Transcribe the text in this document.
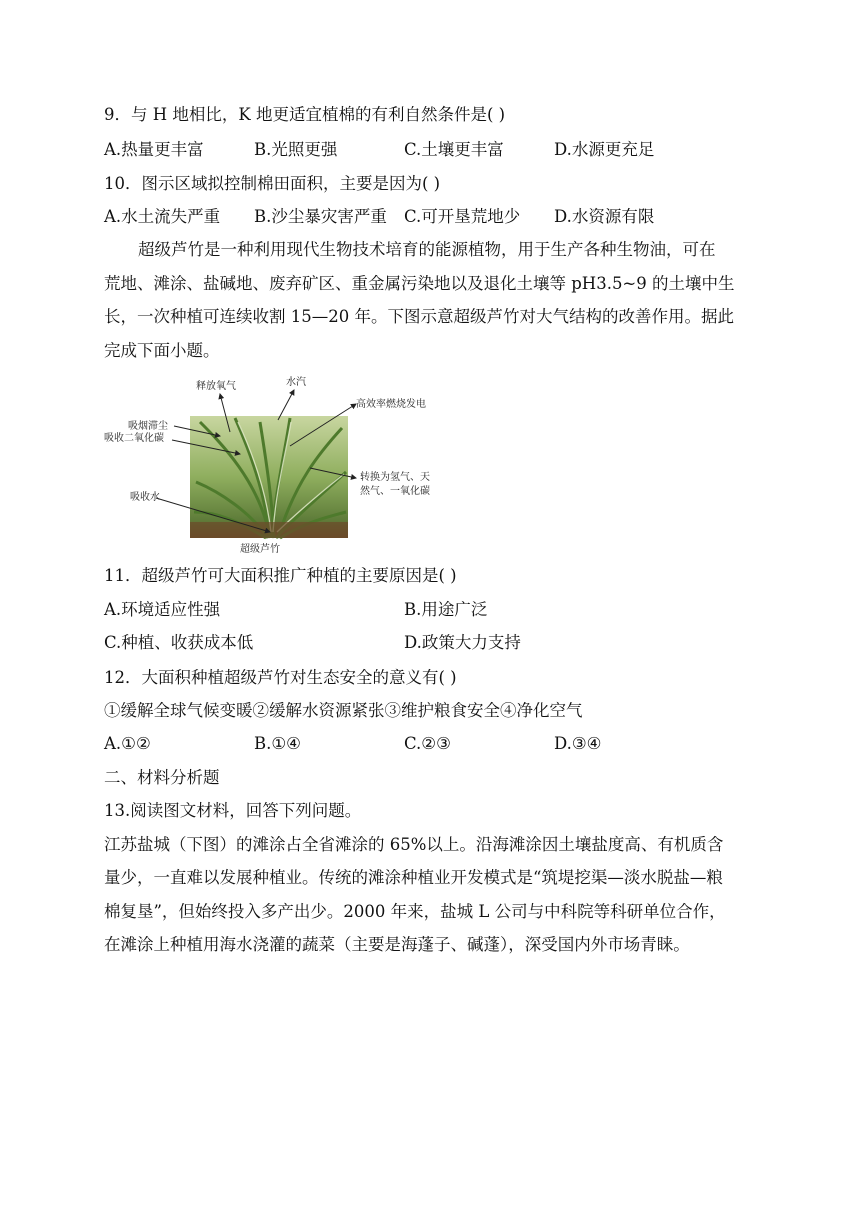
9．与 H 地相比，K 地更适宜植棉的有利自然条件是( )
A.热量更丰富	B.光照更强	C.土壤更丰富	D.水源更充足
10．图示区域拟控制棉田面积，主要是因为( )
A.水土流失严重 B.沙尘暴灾害严重 C.可开垦荒地少 D.水资源有限
超级芦竹是一种利用现代生物技术培育的能源植物，用于生产各种生物油，可在
荒地、滩涂、盐碱地、废弃矿区、重金属污染地以及退化土壤等 pH3.5~9 的土壤中生
长，一次种植可连续收割 15—20 年。下图示意超级芦竹对大气结构的改善作用。据此
完成下面小题。
释放氧气	水汽
高效率燃烧发电
吸烟滞尘
吸收二氧化碳
转换为氢气、天
然气、一氧化碳
吸收水
超级芦竹
11．超级芦竹可大面积推广种植的主要原因是( )
A.环境适应性强	B.用途广泛
C.种植、收获成本低	D.政策大力支持
12．大面积种植超级芦竹对生态安全的意义有( )
①缓解全球气候变暖②缓解水资源紧张③维护粮食安全④净化空气
A.①②	B.①④	C.②③	D.③④
二、材料分析题
13.阅读图文材料，回答下列问题。
江苏盐城（下图）的滩涂占全省滩涂的 65%以上。沿海滩涂因土壤盐度高、有机质含
量少，一直难以发展种植业。传统的滩涂种植业开发模式是“筑堤挖渠—淡水脱盐—粮
棉复垦”，但始终投入多产出少。2000 年来，盐城 L 公司与中科院等科研单位合作，
在滩涂上种植用海水浇灌的蔬菜（主要是海蓬子、碱蓬），深受国内外市场青睐。
